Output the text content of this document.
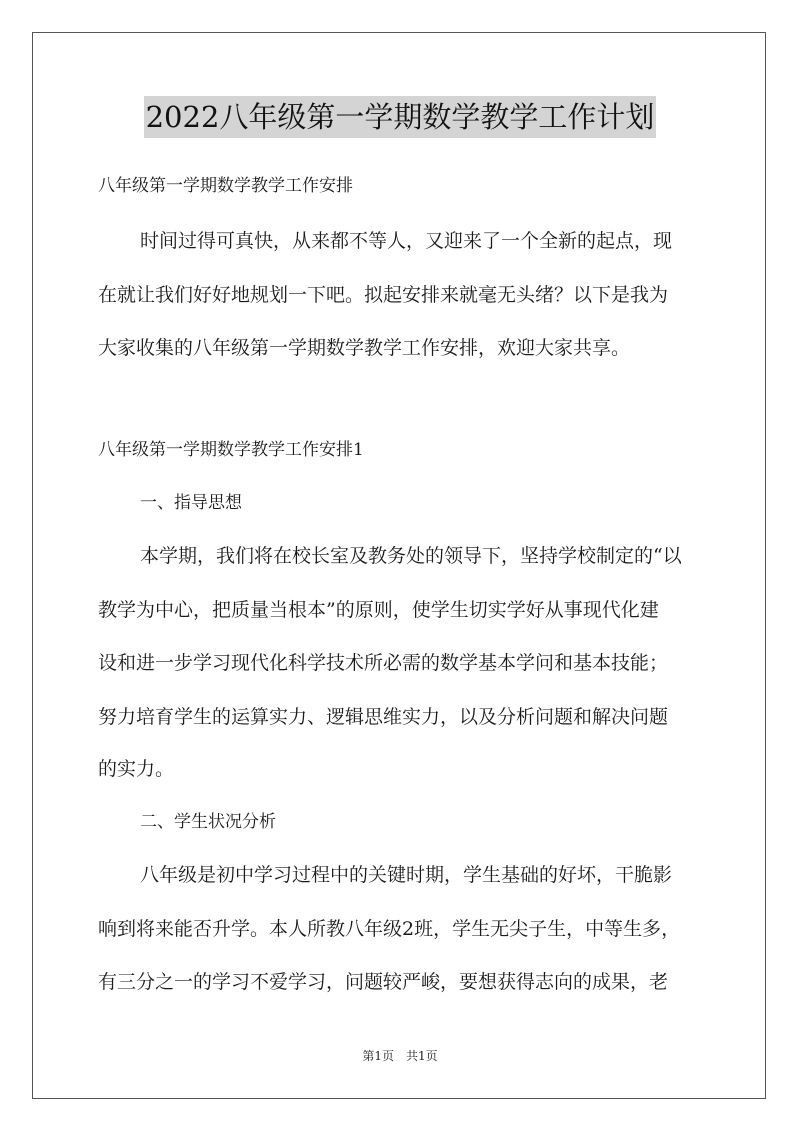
2022八年级第一学期数学教学工作计划
八年级第一学期数学教学工作安排
时间过得可真快，从来都不等人，又迎来了一个全新的起点，现
在就让我们好好地规划一下吧。拟起安排来就毫无头绪？以下是我为
大家收集的八年级第一学期数学教学工作安排，欢迎大家共享。
八年级第一学期数学教学工作安排1
一、指导思想
本学期，我们将在校长室及教务处的领导下，坚持学校制定的“以
教学为中心，把质量当根本”的原则，使学生切实学好从事现代化建
设和进一步学习现代化科学技术所必需的数学基本学问和基本技能；
努力培育学生的运算实力、逻辑思维实力，以及分析问题和解决问题
的实力。
二、学生状况分析
八年级是初中学习过程中的关键时期，学生基础的好坏，干脆影
响到将来能否升学。本人所教八年级2班，学生无尖子生，中等生多，
有三分之一的学习不爱学习，问题较严峻，要想获得志向的成果，老
第1页　共1页
